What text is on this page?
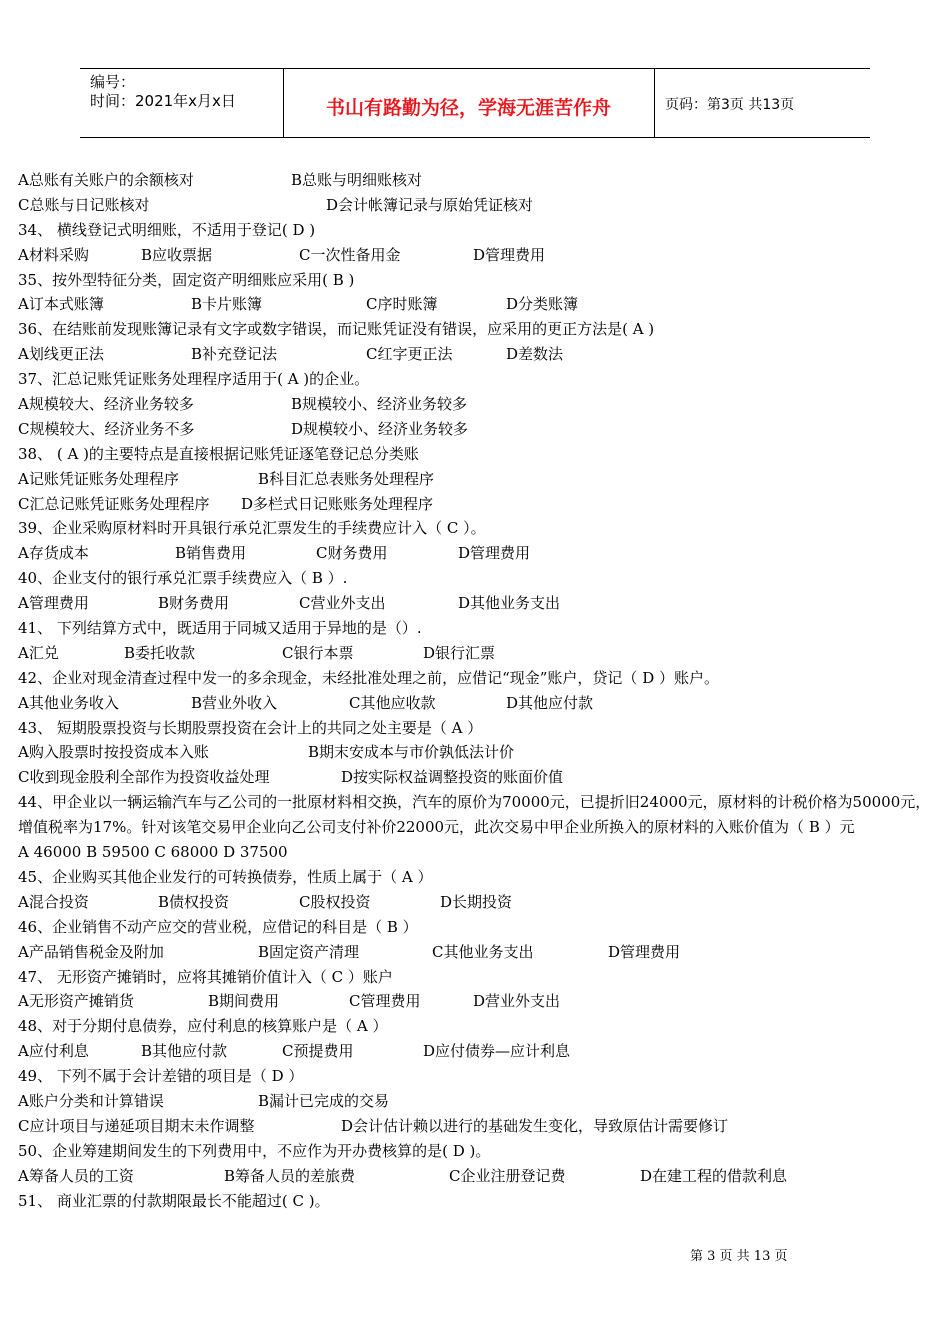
编号：
时间：2021年x月x日	书山有路勤为径，学海无涯苦作舟	页码：第3页 共13页
A总账有关账户的余额核对	B总账与明细账核对
C总账与日记账核对	D会计帐簿记录与原始凭证核对
34、 横线登记式明细账，不适用于登记( D )
A材料采购	B应收票据	C一次性备用金	D管理费用
35、按外型特征分类，固定资产明细账应采用( B )
A订本式账簿	B卡片账簿	C序时账簿	D分类账簿
36、在结账前发现账簿记录有文字或数字错误，而记账凭证没有错误，应采用的更正方法是( A )
A划线更正法	B补充登记法	C红字更正法	D差数法
37、汇总记账凭证账务处理程序适用于( A )的企业。
A规模较大、经济业务较多	B规模较小、经济业务较多
C规模较大、经济业务不多	D规模较小、经济业务较多
38、 ( A )的主要特点是直接根据记账凭证逐笔登记总分类账
A记账凭证账务处理程序	B科目汇总表账务处理程序
C汇总记账凭证账务处理程序 D多栏式日记账账务处理程序
39、企业采购原材料时开具银行承兑汇票发生的手续费应计入（ C ）。
A存货成本	B销售费用	C财务费用	D管理费用
40、企业支付的银行承兑汇票手续费应入（ B ）.
A管理费用	B财务费用	C营业外支出	D其他业务支出
41、 下列结算方式中，既适用于同城又适用于异地的是（）.
A汇兑	B委托收款	C银行本票	D银行汇票
42、企业对现金清查过程中发一的多余现金，未经批准处理之前，应借记“现金”账户，贷记（ D ）账户。
A其他业务收入	B营业外收入	C其他应收款	D其他应付款
43、 短期股票投资与长期股票投资在会计上的共同之处主要是（ A ）
A购入股票时按投资成本入账	B期末安成本与市价孰低法计价
C收到现金股利全部作为投资收益处理	D按实际权益调整投资的账面价值
44、甲企业以一辆运输汽车与乙公司的一批原材料相交换，汽车的原价为70000元，已提折旧24000元，原材料的计税价格为50000元，增值税率为17%。针对该笔交易甲企业向乙公司支付补价22000元，此次交易中甲企业所换入的原材料的入账价值为（ B ）元
A 46000 B 59500 C 68000 D 37500
45、企业购买其他企业发行的可转换债券，性质上属于（ A ）
A混合投资	B债权投资	C股权投资	D长期投资
46、企业销售不动产应交的营业税，应借记的科目是（ B ）
A产品销售税金及附加	B固定资产清理	C其他业务支出	D管理费用
47、 无形资产摊销时，应将其摊销价值计入（ C ）账户
A无形资产摊销货	B期间费用	C管理费用	D营业外支出
48、对于分期付息债券，应付利息的核算账户是（ A ）
A应付利息	B其他应付款	C预提费用	D应付债券—应计利息
49、 下列不属于会计差错的项目是（ D ）
A账户分类和计算错误	B漏计已完成的交易
C应计项目与递延项目期末未作调整	D会计估计赖以进行的基础发生变化，导致原估计需要修订
50、企业筹建期间发生的下列费用中，不应作为开办费核算的是( D )。
A筹备人员的工资	B筹备人员的差旅费	C企业注册登记费	D在建工程的借款利息
51、 商业汇票的付款期限最长不能超过( C )。
第 3 页 共 13 页
